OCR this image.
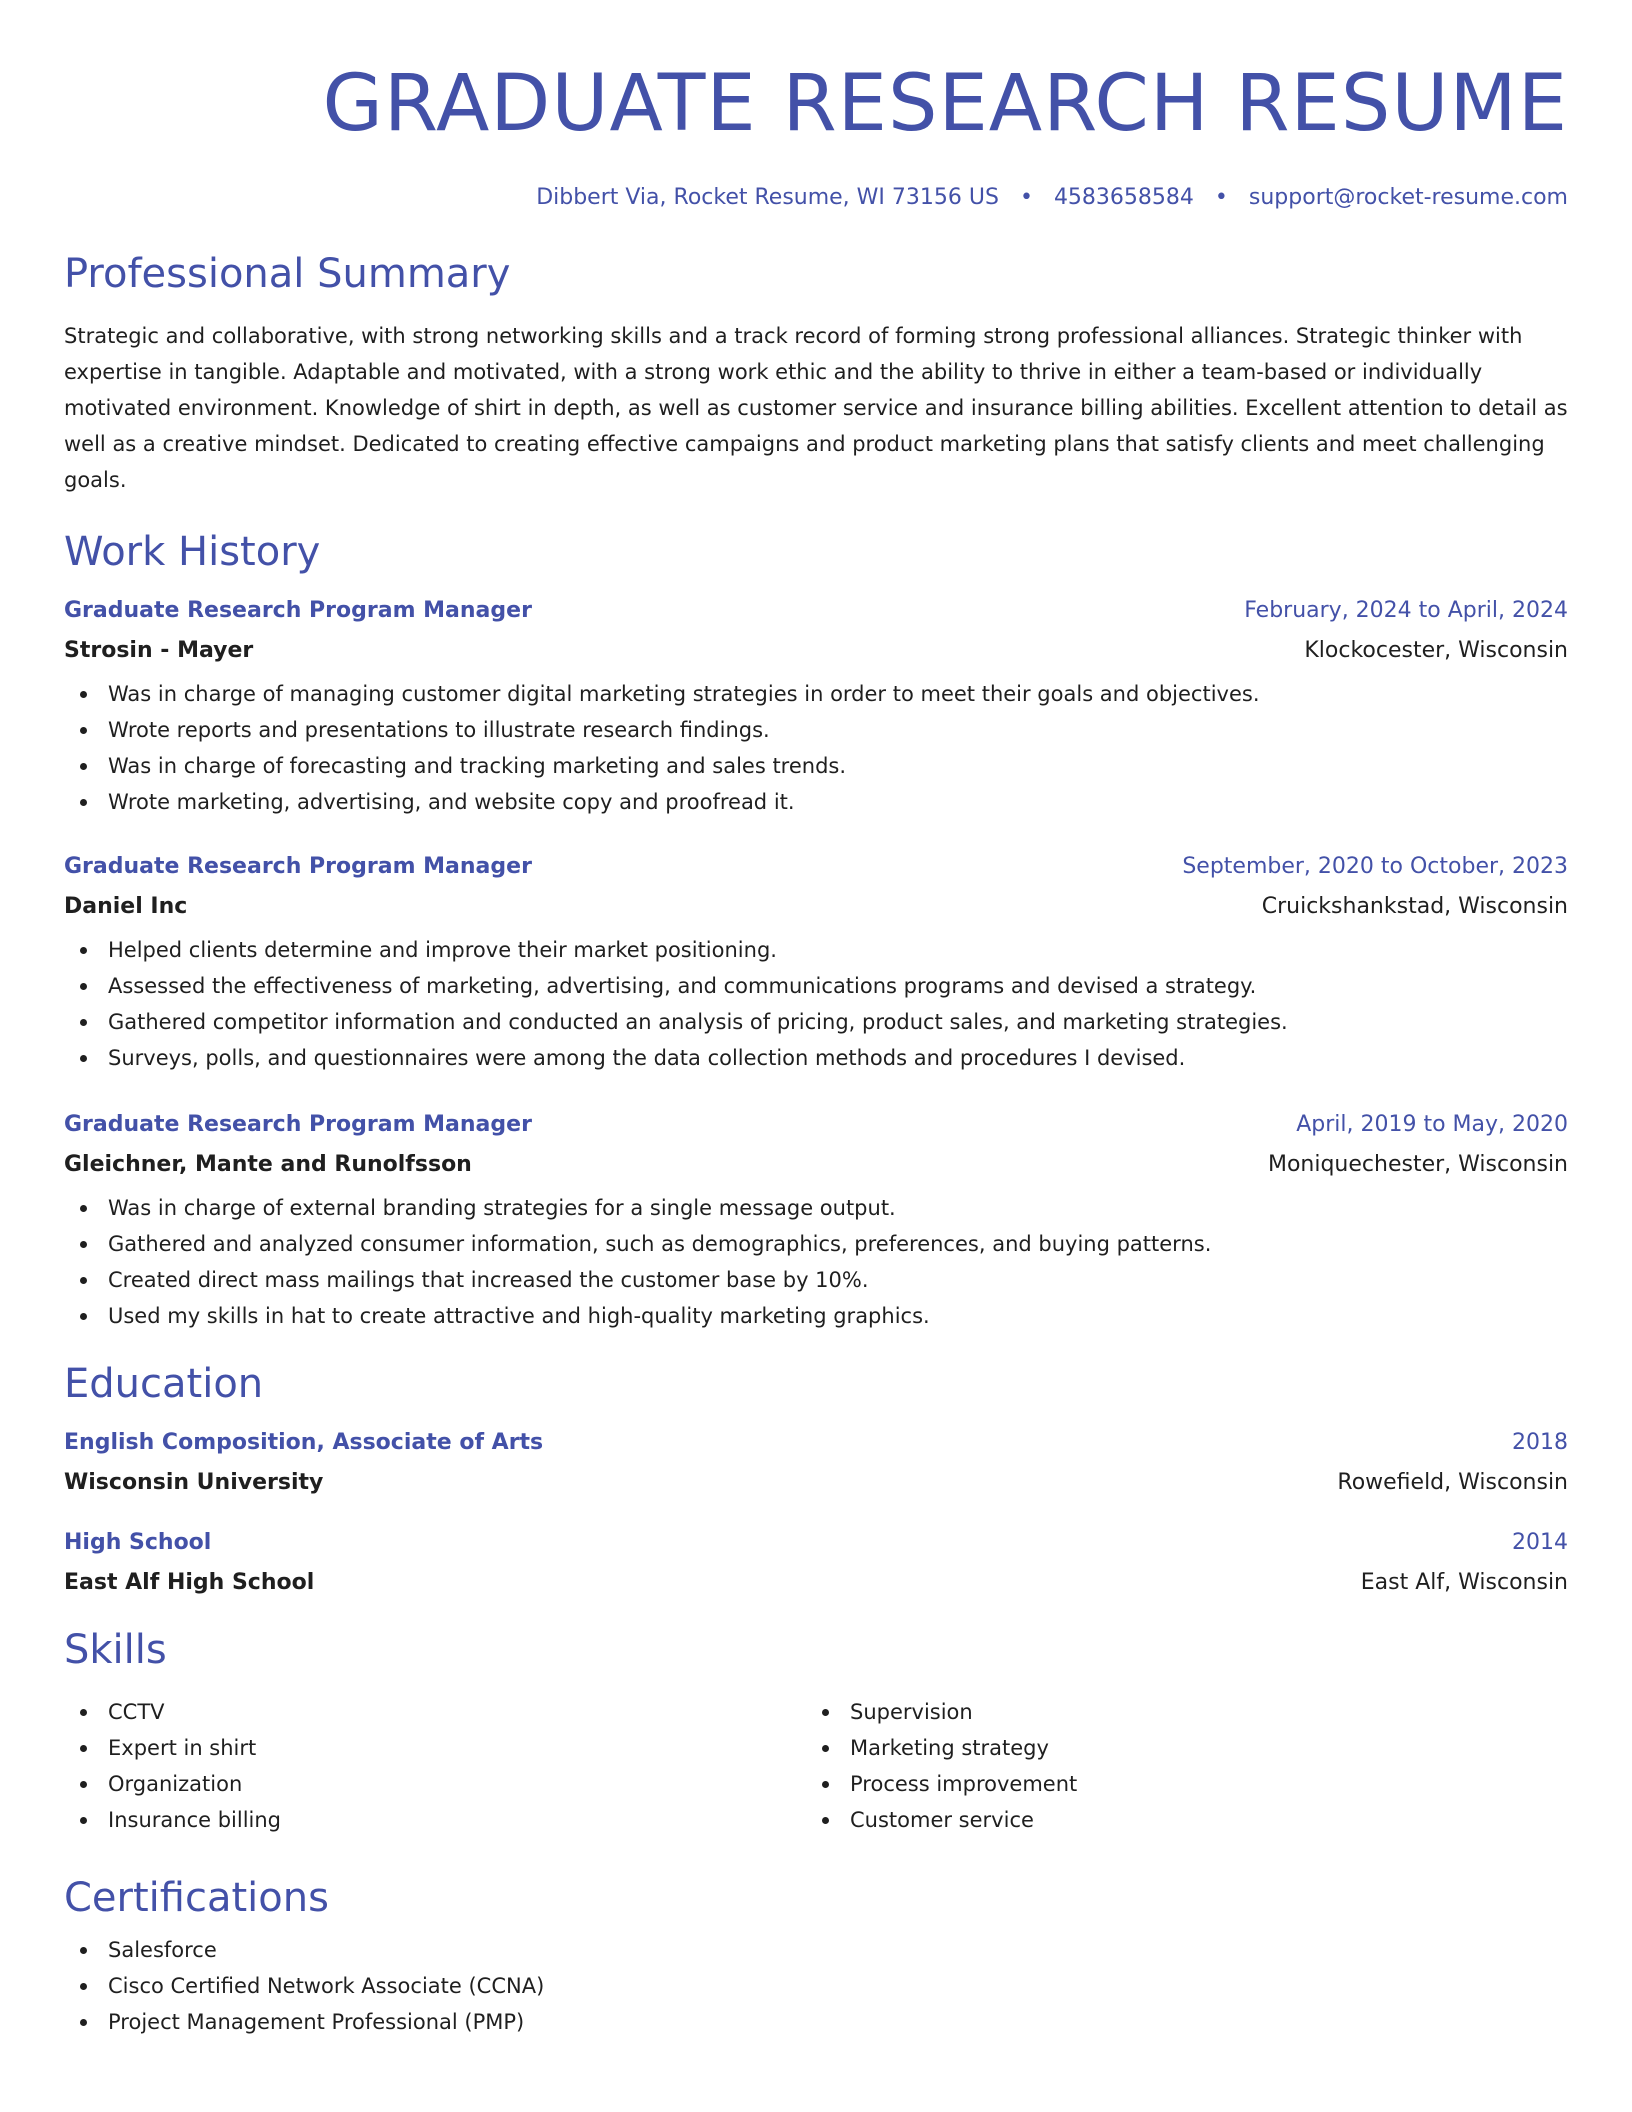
GRADUATE RESEARCH RESUME
Dibbert Via, Rocket Resume, WI 73156 US • 4583658584 • support@rocket-resume.com
Professional Summary
Strategic and collaborative, with strong networking skills and a track record of forming strong professional alliances. Strategic thinker with expertise in tangible. Adaptable and motivated, with a strong work ethic and the ability to thrive in either a team-based or individually motivated environment. Knowledge of shirt in depth, as well as customer service and insurance billing abilities. Excellent attention to detail as well as a creative mindset. Dedicated to creating effective campaigns and product marketing plans that satisfy clients and meet challenging goals.
Work History
Graduate Research Program Manager	February, 2024 to April, 2024
Strosin - Mayer	Klockocester, Wisconsin
Was in charge of managing customer digital marketing strategies in order to meet their goals and objectives.
Wrote reports and presentations to illustrate research findings.
Was in charge of forecasting and tracking marketing and sales trends.
Wrote marketing, advertising, and website copy and proofread it.
Graduate Research Program Manager	September, 2020 to October, 2023
Daniel Inc	Cruickshankstad, Wisconsin
Helped clients determine and improve their market positioning.
Assessed the effectiveness of marketing, advertising, and communications programs and devised a strategy.
Gathered competitor information and conducted an analysis of pricing, product sales, and marketing strategies.
Surveys, polls, and questionnaires were among the data collection methods and procedures I devised.
Graduate Research Program Manager	April, 2019 to May, 2020
Gleichner, Mante and Runolfsson	Moniquechester, Wisconsin
Was in charge of external branding strategies for a single message output.
Gathered and analyzed consumer information, such as demographics, preferences, and buying patterns.
Created direct mass mailings that increased the customer base by 10%.
Used my skills in hat to create attractive and high-quality marketing graphics.
Education
English Composition, Associate of Arts	2018
Wisconsin University	Rowefield, Wisconsin
High School	2014
East Alf High School	East Alf, Wisconsin
Skills
CCTV
Expert in shirt
Organization
Insurance billing
Supervision
Marketing strategy
Process improvement
Customer service
Certifications
Salesforce
Cisco Certified Network Associate (CCNA)
Project Management Professional (PMP)
